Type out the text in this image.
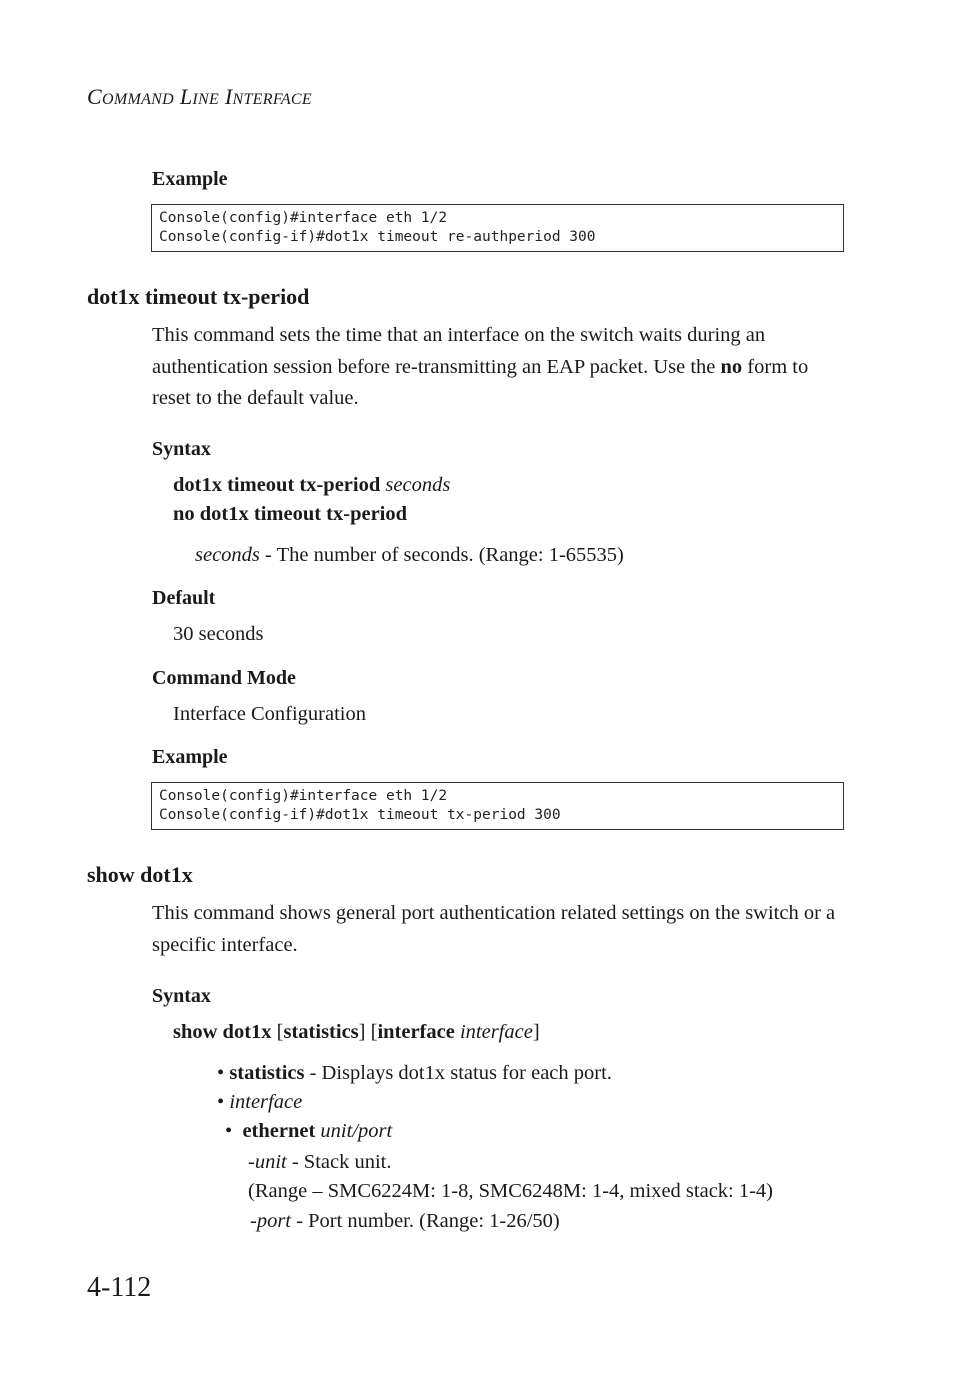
COMMAND LINE INTERFACE
Example
Console(config)#interface eth 1/2
Console(config-if)#dot1x timeout re-authperiod 300
dot1x timeout tx-period
This command sets the time that an interface on the switch waits during an authentication session before re-transmitting an EAP packet. Use the no form to reset to the default value.
Syntax
dot1x timeout tx-period seconds
no dot1x timeout tx-period
seconds - The number of seconds. (Range: 1-65535)
Default
30 seconds
Command Mode
Interface Configuration
Example
Console(config)#interface eth 1/2
Console(config-if)#dot1x timeout tx-period 300
show dot1x
This command shows general port authentication related settings on the switch or a specific interface.
Syntax
show dot1x [statistics] [interface interface]
• statistics - Displays dot1x status for each port.
• interface
• ethernet unit/port
-unit - Stack unit.
(Range – SMC6224M: 1-8, SMC6248M: 1-4, mixed stack: 1-4)
-port - Port number. (Range: 1-26/50)
4-112
